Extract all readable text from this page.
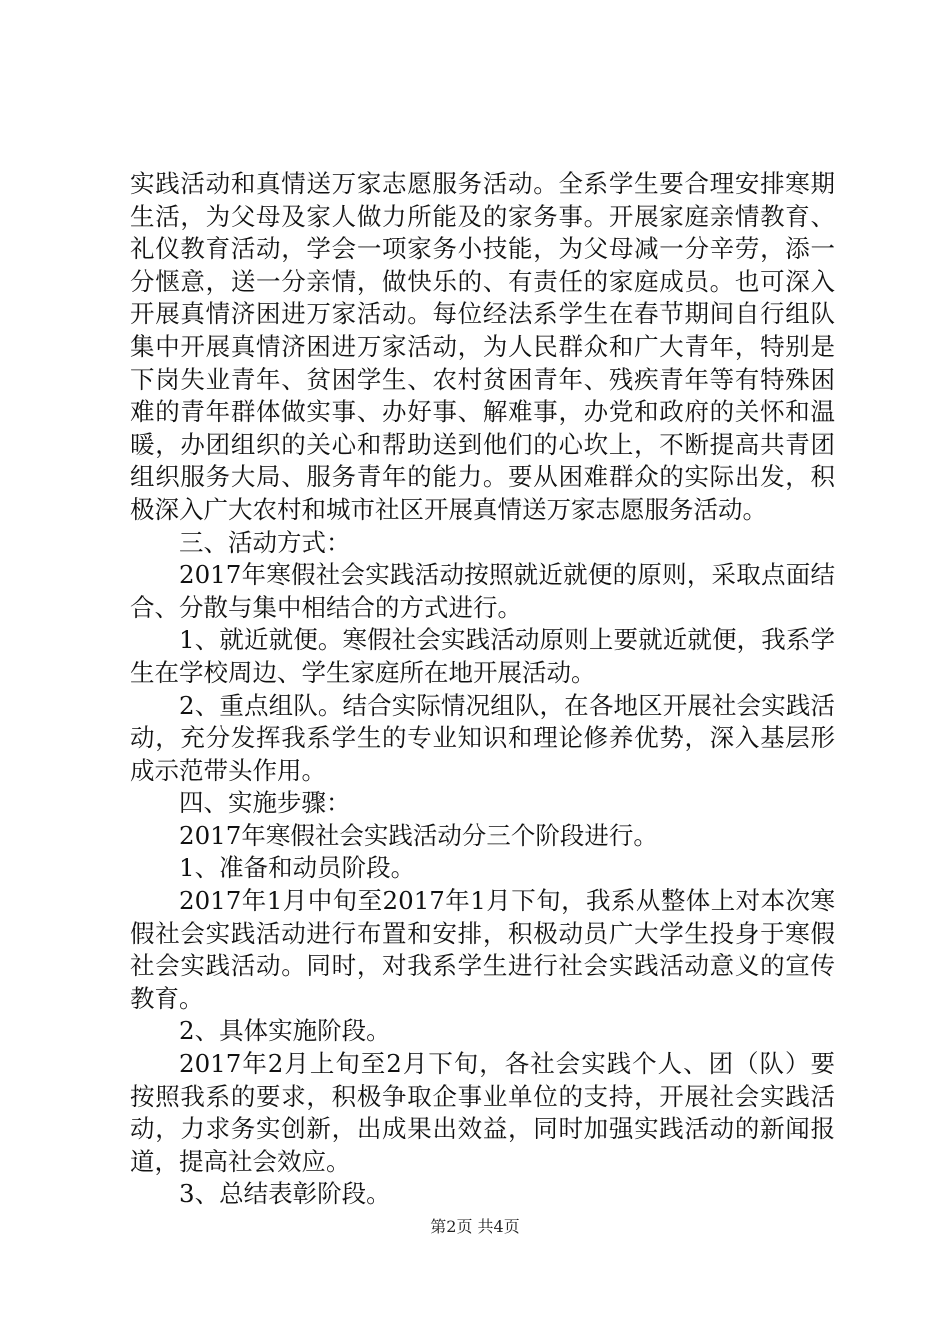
实践活动和真情送万家志愿服务活动。全系学生要合理安排寒期生活，为父母及家人做力所能及的家务事。开展家庭亲情教育、礼仪教育活动，学会一项家务小技能，为父母减一分辛劳，添一分惬意，送一分亲情，做快乐的、有责任的家庭成员。也可深入开展真情济困进万家活动。每位经法系学生在春节期间自行组队集中开展真情济困进万家活动，为人民群众和广大青年，特别是下岗失业青年、贫困学生、农村贫困青年、残疾青年等有特殊困难的青年群体做实事、办好事、解难事，办党和政府的关怀和温暖，办团组织的关心和帮助送到他们的心坎上，不断提高共青团组织服务大局、服务青年的能力。要从困难群众的实际出发，积极深入广大农村和城市社区开展真情送万家志愿服务活动。

三、活动方式：

2017年寒假社会实践活动按照就近就便的原则，采取点面结合、分散与集中相结合的方式进行。

1、就近就便。寒假社会实践活动原则上要就近就便，我系学生在学校周边、学生家庭所在地开展活动。

2、重点组队。结合实际情况组队，在各地区开展社会实践活动，充分发挥我系学生的专业知识和理论修养优势，深入基层形成示范带头作用。

四、实施步骤：

2017年寒假社会实践活动分三个阶段进行。

1、准备和动员阶段。

2017年1月中旬至2017年1月下旬，我系从整体上对本次寒假社会实践活动进行布置和安排，积极动员广大学生投身于寒假社会实践活动。同时，对我系学生进行社会实践活动意义的宣传教育。

2、具体实施阶段。

2017年2月上旬至2月下旬，各社会实践个人、团（队）要按照我系的要求，积极争取企事业单位的支持，开展社会实践活动，力求务实创新，出成果出效益，同时加强实践活动的新闻报道，提高社会效应。

3、总结表彰阶段。

第2页 共4页
